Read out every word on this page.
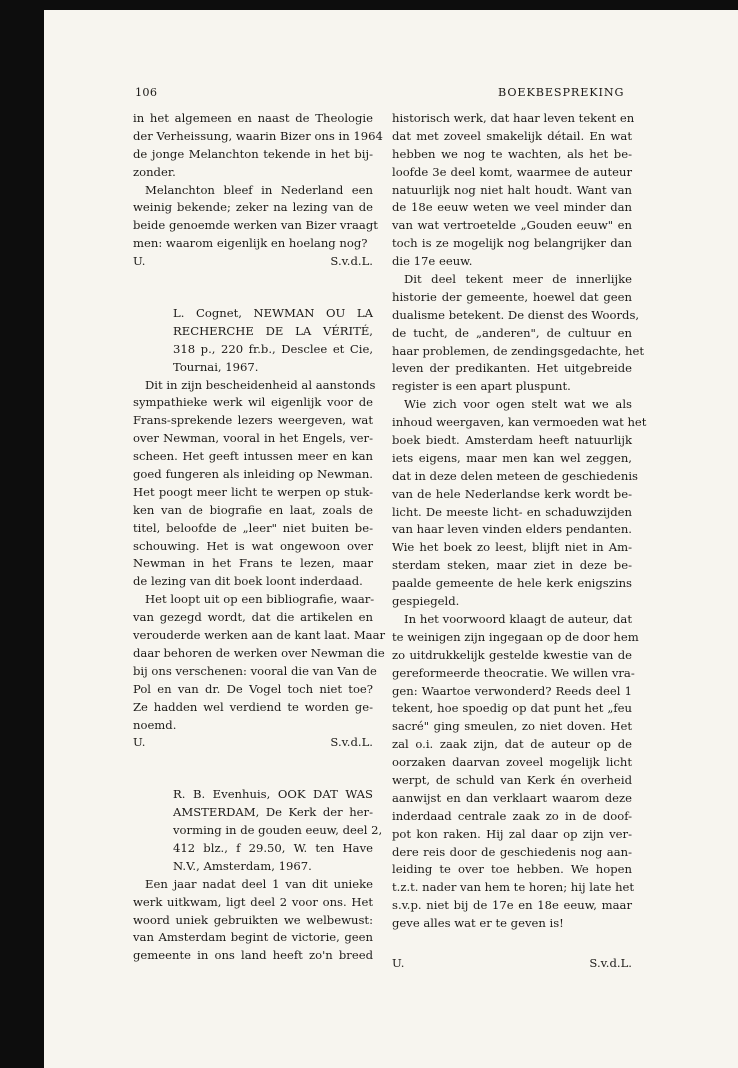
106	BOEKBESPREKING
in het algemeen en naast de Theologie
der Verheissung, waarin Bizer ons in 1964
de jonge Melanchton tekende in het bij-
zonder.
Melanchton bleef in Nederland een
weinig bekende; zeker na lezing van de
beide genoemde werken van Bizer vraagt
men: waarom eigenlijk en hoelang nog?
U.	S.v.d.L.
L. Cognet, NEWMAN OU LA
RECHERCHE DE LA VÉRITÉ,
318 p., 220 fr.b., Desclee et Cie,
Tournai, 1967.
Dit in zijn bescheidenheid al aanstonds
sympathieke werk wil eigenlijk voor de
Frans-sprekende lezers weergeven, wat
over Newman, vooral in het Engels, ver-
scheen. Het geeft intussen meer en kan
goed fungeren als inleiding op Newman.
Het poogt meer licht te werpen op stuk-
ken van de biografie en laat, zoals de
titel, beloofde de „leer" niet buiten be-
schouwing. Het is wat ongewoon over
Newman in het Frans te lezen, maar
de lezing van dit boek loont inderdaad.
Het loopt uit op een bibliografie, waar-
van gezegd wordt, dat die artikelen en
verouderde werken aan de kant laat. Maar
daar behoren de werken over Newman die
bij ons verschenen: vooral die van Van de
Pol en van dr. De Vogel toch niet toe?
Ze hadden wel verdiend te worden ge-
noemd.
U.	S.v.d.L.
R. B. Evenhuis, OOK DAT WAS
AMSTERDAM, De Kerk der her-
vorming in de gouden eeuw, deel 2,
412 blz., f 29.50, W. ten Have
N.V., Amsterdam, 1967.
Een jaar nadat deel 1 van dit unieke
werk uitkwam, ligt deel 2 voor ons. Het
woord uniek gebruikten we welbewust:
van Amsterdam begint de victorie, geen
gemeente in ons land heeft zo'n breed
historisch werk, dat haar leven tekent en
dat met zoveel smakelijk détail. En wat
hebben we nog te wachten, als het be-
loofde 3e deel komt, waarmee de auteur
natuurlijk nog niet halt houdt. Want van
de 18e eeuw weten we veel minder dan
van wat vertroetelde „Gouden eeuw" en
toch is ze mogelijk nog belangrijker dan
die 17e eeuw.
Dit deel tekent meer de innerlijke
historie der gemeente, hoewel dat geen
dualisme betekent. De dienst des Woords,
de tucht, de „anderen", de cultuur en
haar problemen, de zendingsgedachte, het
leven der predikanten. Het uitgebreide
register is een apart pluspunt.
Wie zich voor ogen stelt wat we als
inhoud weergaven, kan vermoeden wat het
boek biedt. Amsterdam heeft natuurlijk
iets eigens, maar men kan wel zeggen,
dat in deze delen meteen de geschiedenis
van de hele Nederlandse kerk wordt be-
licht. De meeste licht- en schaduwzijden
van haar leven vinden elders pendanten.
Wie het boek zo leest, blijft niet in Am-
sterdam steken, maar ziet in deze be-
paalde gemeente de hele kerk enigszins
gespiegeld.
In het voorwoord klaagt de auteur, dat
te weinigen zijn ingegaan op de door hem
zo uitdrukkelijk gestelde kwestie van de
gereformeerde theocratie. We willen vra-
gen: Waartoe verwonderd? Reeds deel 1
tekent, hoe spoedig op dat punt het „feu
sacré" ging smeulen, zo niet doven. Het
zal o.i. zaak zijn, dat de auteur op de
oorzaken daarvan zoveel mogelijk licht
werpt, de schuld van Kerk én overheid
aanwijst en dan verklaart waarom deze
inderdaad centrale zaak zo in de doof-
pot kon raken. Hij zal daar op zijn ver-
dere reis door de geschiedenis nog aan-
leiding te over toe hebben. We hopen
t.z.t. nader van hem te horen; hij late het
s.v.p. niet bij de 17e en 18e eeuw, maar
geve alles wat er te geven is!
U.	S.v.d.L.
